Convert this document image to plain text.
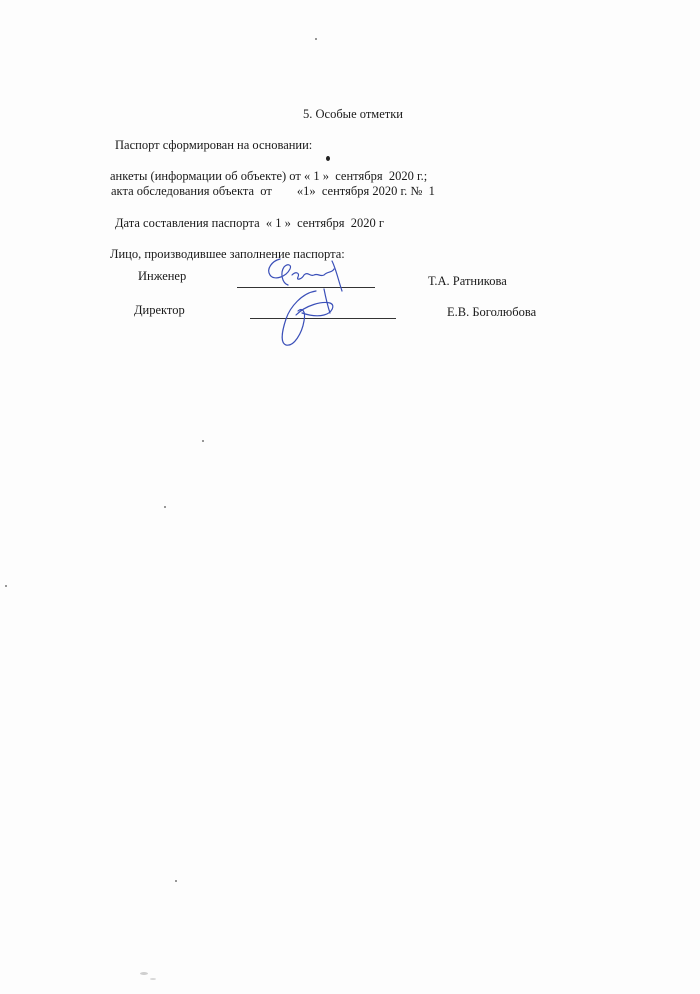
5. Особые отметки
Паспорт сформирован на основании:
анкеты (информации об объекте) от « 1 »  сентября  2020 г.;
акта обследования объекта  от        «1»  сентября 2020 г. №  1
Дата составления паспорта  « 1 »  сентября  2020 г
Лицо, производившее заполнение паспорта:
Инженер	Т.А. Ратникова
Директор	Е.В. Боголюбова
